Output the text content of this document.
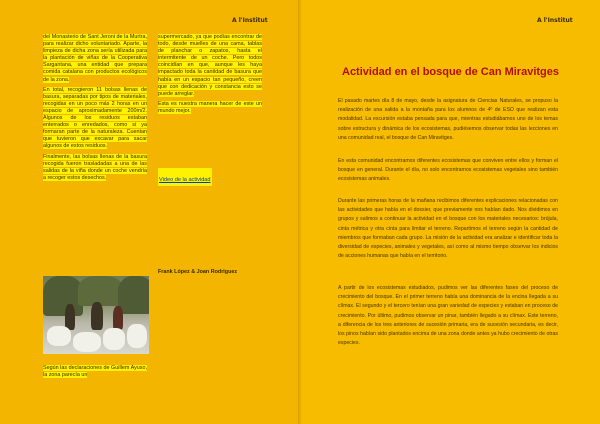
A l'Institut	A l'Institut

del Monasterio de Sant Jeroni de la Murtra, para realizar dicho voluntariado. Aparte, la limpieza de dicha zona sería utilizada para la plantación de viñas de la Cooperativa Sargantana, una entidad que prepara comida catalana con productos ecológicos de la zona.

En total, recogieron 11 bolsas llenas de basura, separadas por tipos de materiales, recogidas en un poco más 2 horas en un espacio de aproximadamente 200m/2. Algunos de los residuos estaban enterrados o enredados, como si ya formaran parte de la naturaleza. Cuentan que tuvieron que excavar para sacar algunos de estos residuos.

Finalmente, las bolsas llenas de la basura recogida fueron trasladadas a una de las salidas de la viña donde un coche vendría a recoger estos desechos.

Según las declaraciones de Guillem Ayuso, la zona parecía un

supermercado, ya que podías encontrar de todo, desde muelles de una cama, tablas de planchar o zapatos, hasta el intermitente de un coche. Pero todos coincidían en que, aunque les haya impactado toda la cantidad de basura que había en un espacio tan pequeño, creen que con dedicación y constancia esto se puede arreglar.

Esta es nuestra manera hacer de este un mundo mejor.

Video de la actividad
Frank López & Joan Rodriguez
Actividad en el bosque de Can Miravitges
El pasado martes día 8 de mayo, desde la asignatura de Ciencias Naturales, se propuso la realización de una salida a la montaña para los alumnos de 4º de ESO que realizan esta modalidad. La excursión estaba pensada para que, mientras estudiábamos uno de los temas sobre estructura y dinámica de los ecosistemas, pudiésemos observar todas las lecciones en una comunidad real, el bosque de Can Miravitges.
En esta comunidad encontramos diferentes ecosistemas que conviven entre ellos y forman el bosque en general. Durante el día, no solo encontramos ecosistemas vegetales sino también ecosistemas animales.
Durante las primeras horas de la mañana recibimos diferentes explicaciones relacionadas con las actividades que había en el dossier, que previamente nos habían dado. Nos dividimos en grupos y salimos a continuar la actividad en el bosque con los materiales necesarios: brújula, cinta métrica y otra cinta para limitar el terreno. Repartimos el terreno según la cantidad de miembros que formaban cada grupo. La misión de la actividad era analizar e identificar toda la diversidad de especies, animales y vegetales, así como al mismo tiempo observar los indicios de acciones humanas que había en el territorio.
A partir de los ecosistemas estudiados, pudimos ver las diferentes fases del proceso de crecimiento del bosque. En el primer terreno había una dominancia de la encina llegada a su clímax. El segundo y el tercero tenían una gran variedad de especies y estaban en proceso de crecimiento. Por último, pudimos observar un pinar, también llegado a su clímax. Este terreno, a diferencia de los tres anteriores de sucesión primaria, era de sucesión secundaria, es decir, los pinos habían sido plantados encima de una zona donde antes ya hubo crecimiento de otras especies.
